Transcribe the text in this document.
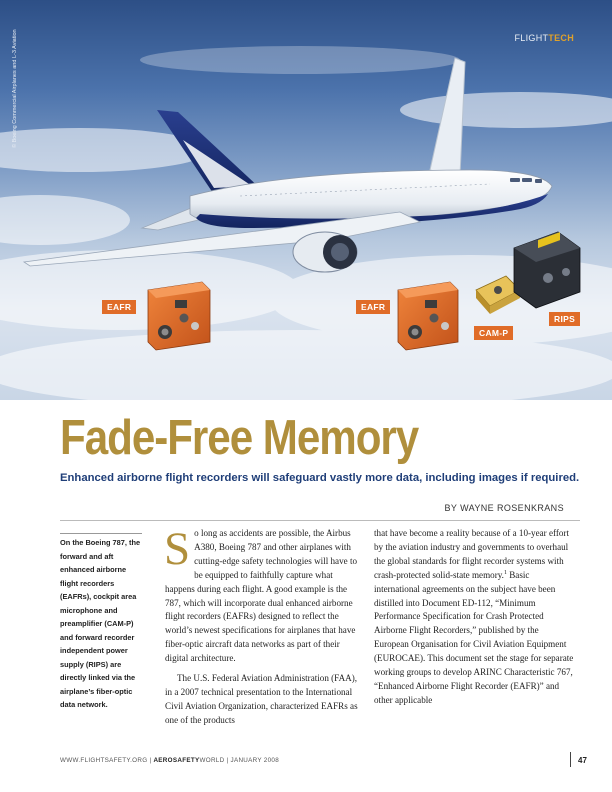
© Boeing Commercial Airplanes and L-3 Aviation	FLIGHTTECH
EAFR	EAFR
CAM-P
RIPS
Fade-Free Memory
Enhanced airborne flight recorders will safeguard vastly more data, including images if required.
BY WAYNE ROSENKRANS
On the Boeing 787, the forward and aft enhanced airborne flight recorders (EAFRs), cockpit area microphone and preamplifier (CAM-P) and forward recorder independent power supply (RIPS) are directly linked via the airplane’s fiber-optic data network.

So long as accidents are possible, the Airbus A380, Boeing 787 and other airplanes with cutting-edge safety technologies will have to be equipped to faithfully capture what happens during each flight. A good example is the 787, which will incorporate dual enhanced airborne flight recorders (EAFRs) designed to reflect the world’s newest specifications for airplanes that have fiber-optic aircraft data networks as part of their digital architecture.

The U.S. Federal Aviation Administration (FAA), in a 2007 technical presentation to the International Civil Aviation Organization, characterized EAFRs as one of the products

that have become a reality because of a 10-year effort by the aviation industry and governments to overhaul the global standards for flight recorder systems with crash-protected solid-state memory.$^1$ Basic international agreements on the subject have been distilled into Document ED-112, “Minimum Performance Specification for Crash Protected Airborne Flight Recorders,” published by the European Organisation for Civil Aviation Equipment (EUROCAE). This document set the stage for separate working groups to develop ARINC Characteristic 767, “Enhanced Airborne Flight Recorder (EAFR)” and other applicable

WWW.FLIGHTSAFETY.ORG | AEROSAFETYWORLD | JANUARY 2008	47
